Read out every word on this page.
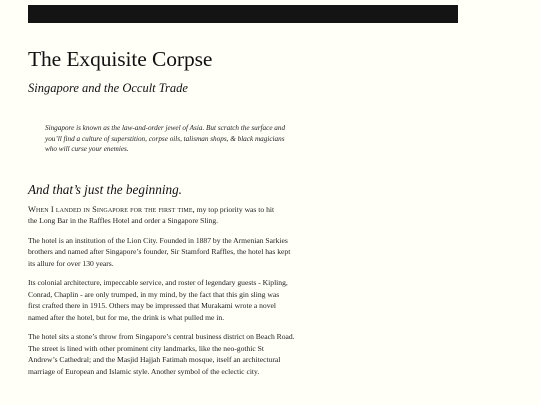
The Exquisite Corpse

Singapore and the Occult Trade

Singapore is known as the law-and-order jewel of Asia. But scratch the surface and
you’ll find a culture of superstition, corpse oils, talisman shops, & black magicians
who will curse your enemies.
And that’s just the beginning.
When I landed in Singapore for the first time, my top priority was to hit
the Long Bar in the Raffles Hotel and order a Singapore Sling.
The hotel is an institution of the Lion City. Founded in 1887 by the Armenian Sarkies
brothers and named after Singapore’s founder, Sir Stamford Raffles, the hotel has kept
its allure for over 130 years.
Its colonial architecture, impeccable service, and roster of legendary guests - Kipling,
Conrad, Chaplin - are only trumped, in my mind, by the fact that this gin sling was
first crafted there in 1915. Others may be impressed that Murakami wrote a novel
named after the hotel, but for me, the drink is what pulled me in.
The hotel sits a stone’s throw from Singapore’s central business district on Beach Road.
The street is lined with other prominent city landmarks, like the neo-gothic St
Andrew’s Cathedral; and the Masjid Hajjah Fatimah mosque, itself an architectural
marriage of European and Islamic style. Another symbol of the eclectic city.
